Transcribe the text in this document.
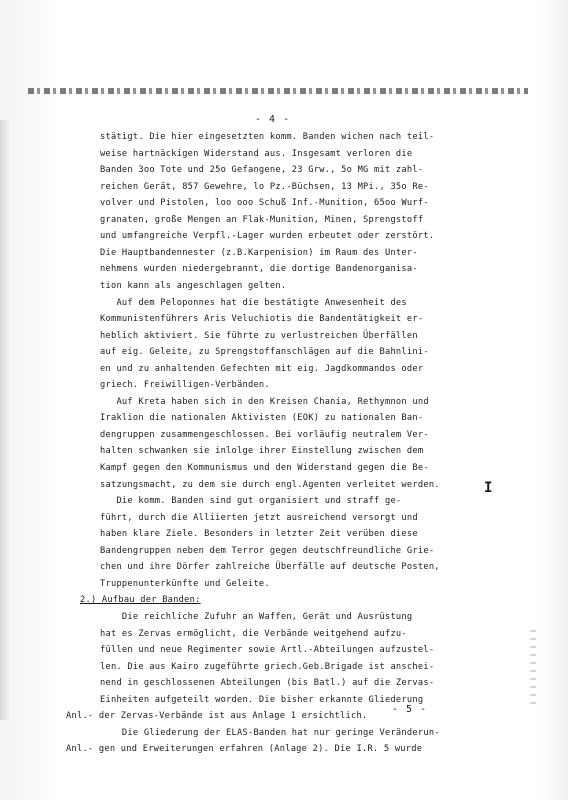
- 4 -
stätigt. Die hier eingesetzten komm. Banden wichen nach teil-
weise hartnäckigen Widerstand aus. Insgesamt verloren die
Banden 3oo Tote und 25o Gefangene, 23 Grw., 5o MG mit zahl-
reichen Gerät, 857 Gewehre, lo Pz.-Büchsen, 13 MPi., 35o Re-
volver und Pistolen, loo ooo Schuß Inf.-Munition, 65oo Wurf-
granaten, große Mengen an Flak-Munition, Minen, Sprengstoff
und umfangreiche Verpfl.-Lager wurden erbeutet oder zerstört.
Die Hauptbandennester (z.B.Karpenision) im Raum des Unter-
nehmens wurden niedergebrannt, die dortige Bandenorganisa-
tion kann als angeschlagen gelten.
Auf dem Peloponnes hat die bestätigte Anwesenheit des
Kommunistenführers Aris Veluchiotis die Bandentätigkeit er-
heblich aktiviert. Sie führte zu verlustreichen Überfällen
auf eig. Geleite, zu Sprengstoffanschlägen auf die Bahnlini-
en und zu anhaltenden Gefechten mit eig. Jagdkommandos oder
griech. Freiwilligen-Verbänden.
Auf Kreta haben sich in den Kreisen Chania, Rethymnon und
Iraklion die nationalen Aktivisten (EOK) zu nationalen Ban-
dengruppen zusammengeschlossen. Bei vorläufig neutralem Ver-
halten schwanken sie inlolge ihrer Einstellung zwischen dem
Kampf gegen den Kommunismus und den Widerstand gegen die Be-
satzungsmacht, zu dem sie durch engl.Agenten verleitet werden.
Die komm. Banden sind gut organisiert und straff ge-
führt, durch die Alliierten jetzt ausreichend versorgt und
haben klare Ziele. Besonders in letzter Zeit verüben diese
Bandengruppen neben dem Terror gegen deutschfreundliche Grie-
chen und ihre Dörfer zahlreiche Überfälle auf deutsche Posten,
Truppenunterkünfte und Geleite.
2.) Aufbau der Banden:
Die reichliche Zufuhr an Waffen, Gerät und Ausrüstung
hat es Zervas ermöglicht, die Verbände weitgehend aufzu-
füllen und neue Regimenter sowie Artl.-Abteilungen aufzustel-
len. Die aus Kairo zugeführte griech.Geb.Brigade ist anschei-
nend in geschlossenen Abteilungen (bis Batl.) auf die Zervas-
Einheiten aufgeteilt worden. Die bisher erkannte Gliederung
Anl.- der Zervas-Verbände ist aus Anlage 1 ersichtlich.
Die Gliederung der ELAS-Banden hat nur geringe Veränderun-
Anl.- gen und Erweiterungen erfahren (Anlage 2). Die I.R. 5 wurde
I
- 5 -
